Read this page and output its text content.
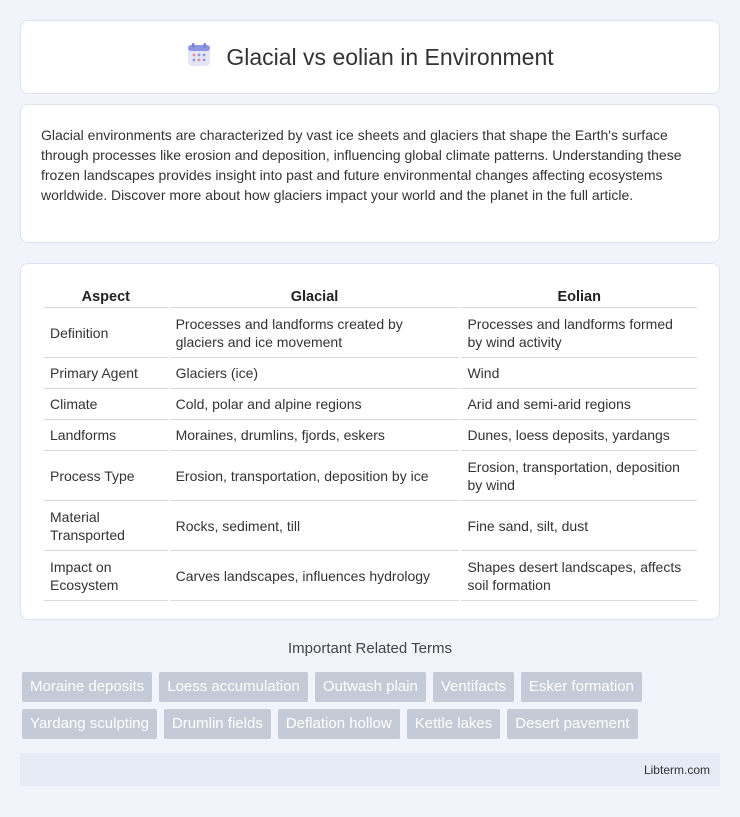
Glacial vs eolian in Environment

Glacial environments are characterized by vast ice sheets and glaciers that shape the Earth's surface through processes like erosion and deposition, influencing global climate patterns. Understanding these frozen landscapes provides insight into past and future environmental changes affecting ecosystems worldwide. Discover more about how glaciers impact your world and the planet in the full article.

Aspect	Glacial	Eolian
Definition	Processes and landforms created by glaciers and ice movement	Processes and landforms formed by wind activity
Primary Agent	Glaciers (ice)	Wind
Climate	Cold, polar and alpine regions	Arid and semi-arid regions
Landforms	Moraines, drumlins, fjords, eskers	Dunes, loess deposits, yardangs
Process Type	Erosion, transportation, deposition by ice	Erosion, transportation, deposition by wind
Material Transported	Rocks, sediment, till	Fine sand, silt, dust
Impact on Ecosystem	Carves landscapes, influences hydrology	Shapes desert landscapes, affects soil formation
Important Related Terms
Moraine deposits	Loess accumulation	Outwash plain	Ventifacts	Esker formation
Yardang sculpting	Drumlin fields	Deflation hollow	Kettle lakes	Desert pavement
Libterm.com
